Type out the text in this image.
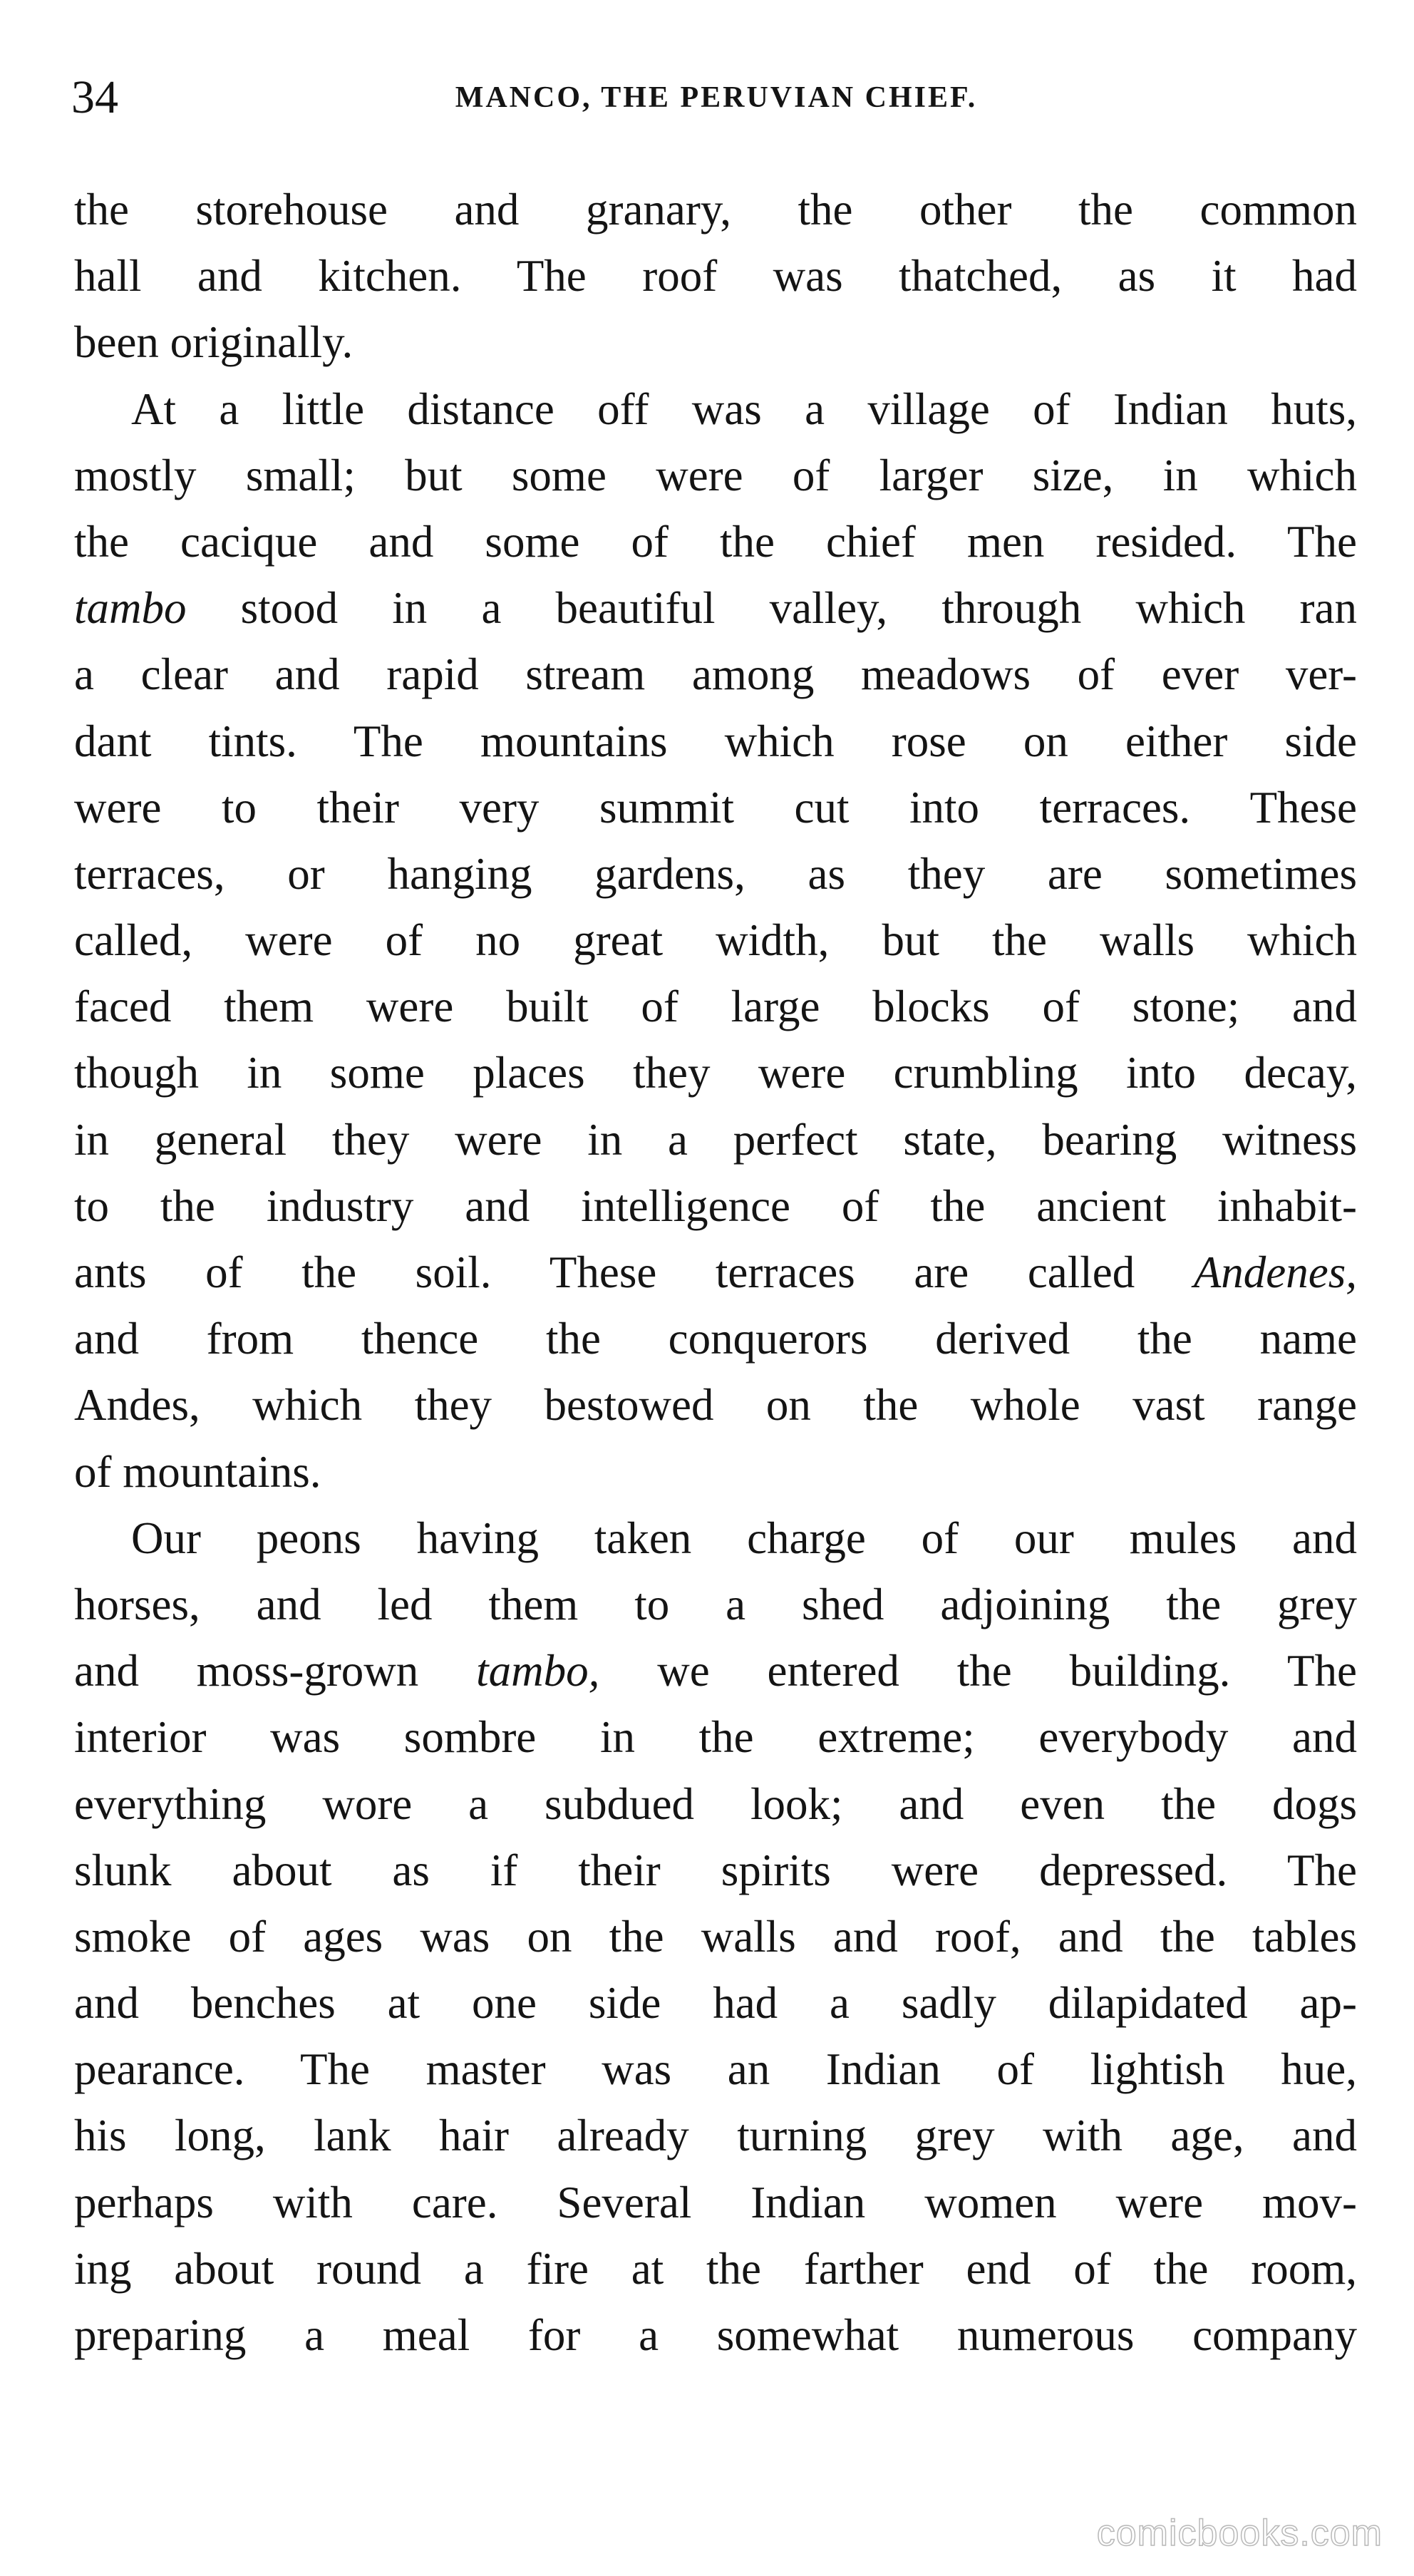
34	MANCO, THE PERUVIAN CHIEF.
the storehouse and granary, the other the common
hall and kitchen. The roof was thatched, as it had
been originally.
At a little distance off was a village of Indian huts,
mostly small; but some were of larger size, in which
the cacique and some of the chief men resided. The
tambo stood in a beautiful valley, through which ran
a clear and rapid stream among meadows of ever ver-
dant tints. The mountains which rose on either side
were to their very summit cut into terraces. These
terraces, or hanging gardens, as they are sometimes
called, were of no great width, but the walls which
faced them were built of large blocks of stone; and
though in some places they were crumbling into decay,
in general they were in a perfect state, bearing witness
to the industry and intelligence of the ancient inhabit-
ants of the soil. These terraces are called Andenes,
and from thence the conquerors derived the name
Andes, which they bestowed on the whole vast range
of mountains.
Our peons having taken charge of our mules and
horses, and led them to a shed adjoining the grey
and moss-grown tambo, we entered the building. The
interior was sombre in the extreme; everybody and
everything wore a subdued look; and even the dogs
slunk about as if their spirits were depressed. The
smoke of ages was on the walls and roof, and the tables
and benches at one side had a sadly dilapidated ap-
pearance. The master was an Indian of lightish hue,
his long, lank hair already turning grey with age, and
perhaps with care. Several Indian women were mov-
ing about round a fire at the farther end of the room,
preparing a meal for a somewhat numerous company
comicbooks.com
